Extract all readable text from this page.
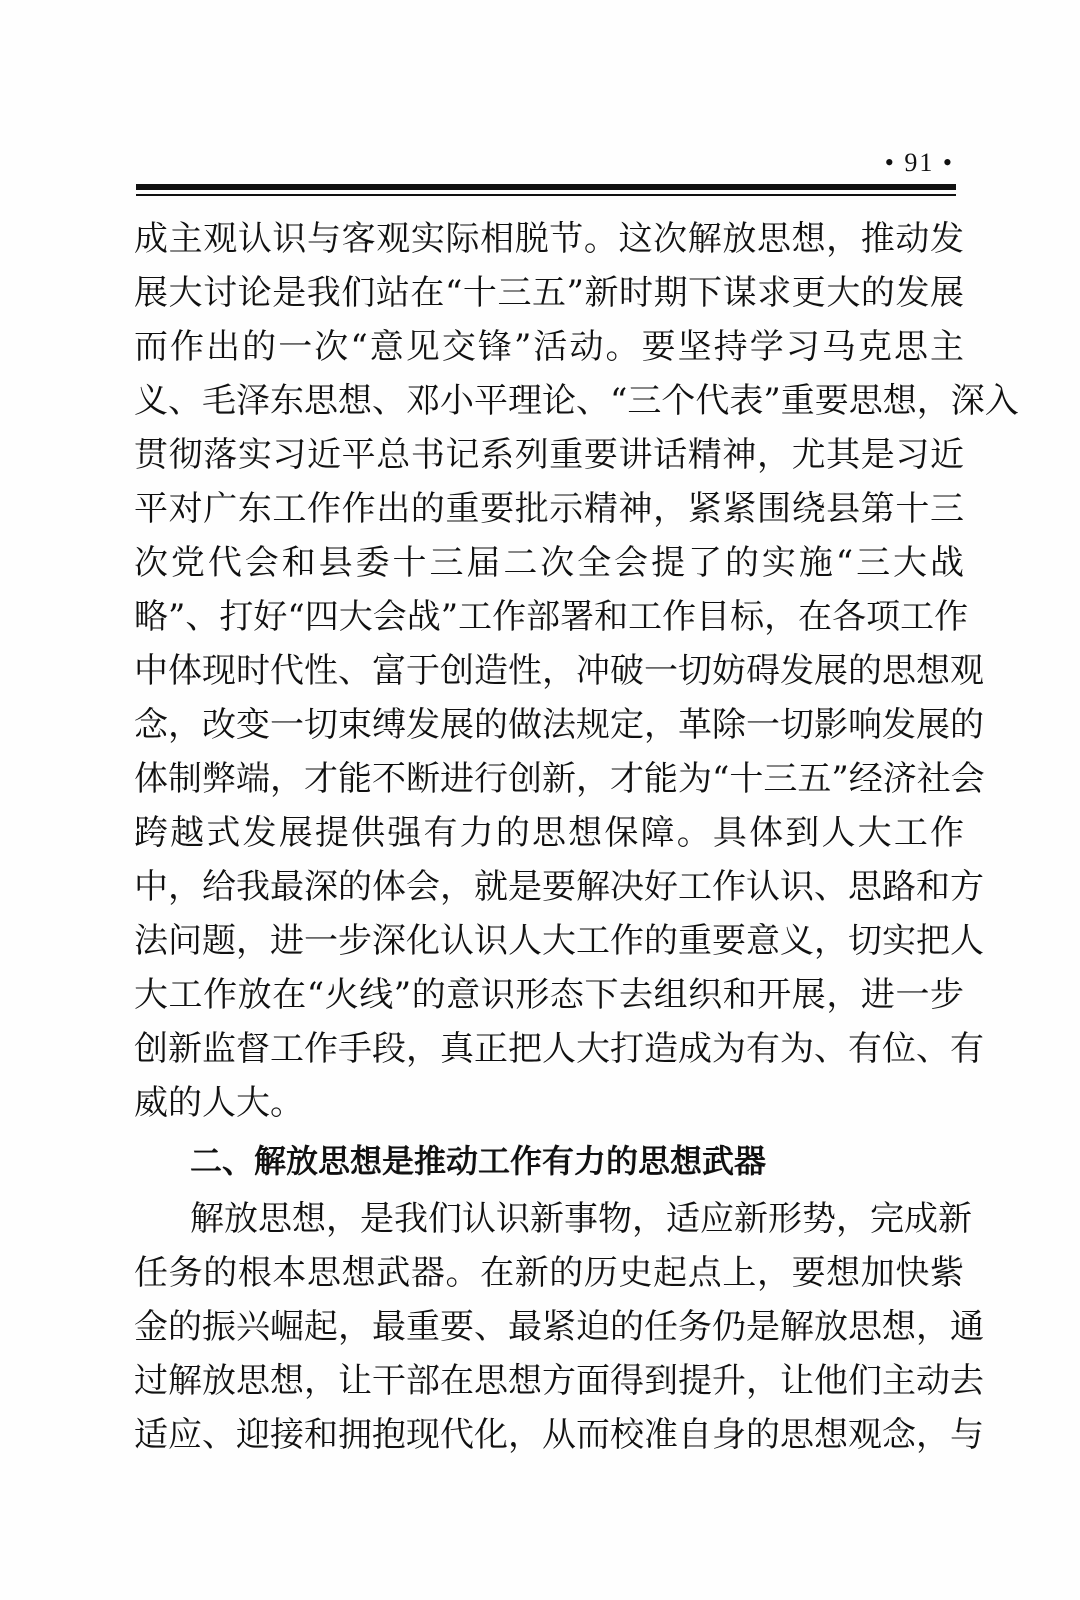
• 91 •
成主观认识与客观实际相脱节。这次解放思想，推动发
展大讨论是我们站在“十三五”新时期下谋求更大的发展
而作出的一次“意见交锋”活动。要坚持学习马克思主
义、毛泽东思想、邓小平理论、“三个代表”重要思想，深入
贯彻落实习近平总书记系列重要讲话精神，尤其是习近
平对广东工作作出的重要批示精神，紧紧围绕县第十三
次党代会和县委十三届二次全会提了的实施“三大战
略”、打好“四大会战”工作部署和工作目标，在各项工作
中体现时代性、富于创造性，冲破一切妨碍发展的思想观
念，改变一切束缚发展的做法规定，革除一切影响发展的
体制弊端，才能不断进行创新，才能为“十三五”经济社会
跨越式发展提供强有力的思想保障。具体到人大工作
中，给我最深的体会，就是要解决好工作认识、思路和方
法问题，进一步深化认识人大工作的重要意义，切实把人
大工作放在“火线”的意识形态下去组织和开展，进一步
创新监督工作手段，真正把人大打造成为有为、有位、有
威的人大。
二、解放思想是推动工作有力的思想武器
解放思想，是我们认识新事物，适应新形势，完成新
任务的根本思想武器。在新的历史起点上，要想加快紫
金的振兴崛起，最重要、最紧迫的任务仍是解放思想，通
过解放思想，让干部在思想方面得到提升，让他们主动去
适应、迎接和拥抱现代化，从而校准自身的思想观念，与
